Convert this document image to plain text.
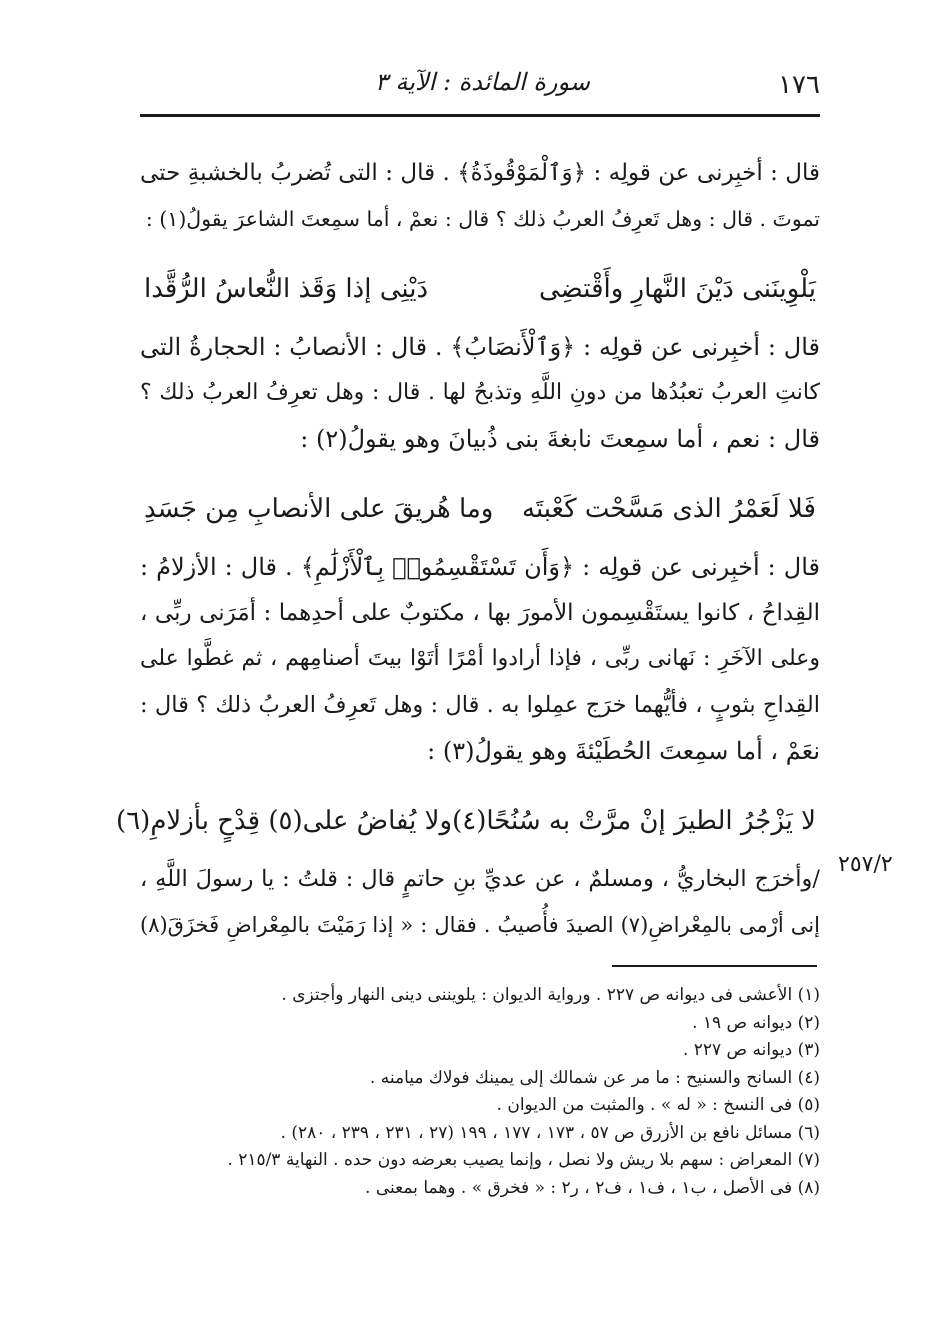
١٧٦
سورة المائدة : الآية ٣
قال : أخبِرنى عن قولِه : ﴿وَٱلْمَوْقُوذَةُ﴾ . قال : التى تُضربُ بالخشبةِ حتى
تموتَ . قال : وهل تَعرِفُ العربُ ذلك ؟ قال : نعمْ ، أما سمِعتَ الشاعرَ يقولُ(١) :
يَلْوِينَنى دَيْنَ النَّهارِ وأَقْتضِى
دَيْنِى إذا وَقَذ النُّعاسُ الرُّقَّدا
قال : أخبِرنى عن قولِه : ﴿وَٱلْأَنصَابُ﴾ . قال : الأنصابُ : الحجارةُ التى
كانتِ العربُ تعبُدُها من دونِ اللَّهِ وتذبحُ لها . قال : وهل تعرِفُ العربُ ذلك ؟
قال : نعم ، أما سمِعتَ نابغةَ بنى ذُبيانَ وهو يقولُ(٢) :
فَلا لَعَمْرُ الذى مَسَّحْت كَعْبتَه
وما هُريقَ على الأنصابِ مِن جَسَدِ
قال : أخبِرنى عن قولِه : ﴿وَأَن تَسْتَقْسِمُوا۟ بِٱلْأَزْلَٰمِ﴾ . قال : الأزلامُ :
القِداحُ ، كانوا يستَقْسِمون الأمورَ بها ، مكتوبٌ على أحدِهما : أمَرَنى ربِّى ،
وعلى الآخَرِ : نَهانى ربِّى ، فإذا أرادوا أمْرًا أتَوْا بيتَ أصنامِهم ، ثم غطَّوا على
القِداحِ بثوبٍ ، فأيُّهما خرَج عمِلوا به . قال : وهل تَعرِفُ العربُ ذلك ؟ قال :
نعَمْ ، أما سمِعتَ الحُطَيْئةَ وهو يقولُ(٣) :
لا يَزْجُرُ الطيرَ إنْ مرَّتْ به سُنُحًا(٤)
ولا يُفاضُ على(٥) قِدْحٍ بأزلامِ(٦)
/وأخرَج البخاريُّ ، ومسلمٌ ، عن عديِّ بنِ حاتمٍ قال : قلتُ : يا رسولَ اللَّهِ ،
إنى أرْمى بالمِعْراضِ(٧) الصيدَ فأُصيبُ . فقال : « إذا رَمَيْتَ بالمِعْراضِ فَخزَقَ(٨)
٢٥٧/٢
(١) الأعشى فى ديوانه ص ٢٢٧ . ورواية الديوان : يلويننى دينى النهار وأجتزى .
(٢) ديوانه ص ١٩ .
(٣) ديوانه ص ٢٢٧ .
(٤) السانح والسنيح : ما مر عن شمالك إلى يمينك فولاك ميامنه .
(٥) فى النسخ : « له » . والمثبت من الديوان .
(٦) مسائل نافع بن الأزرق ص ٥٧ ، ١٧٣ ، ١٧٧ ، ١٩٩ (٢٧ ، ٢٣١ ، ٢٣٩ ، ٢٨٠) .
(٧) المعراض : سهم بلا ريش ولا نصل ، وإنما يصيب بعرضه دون حده . النهاية ٢١٥/٣ .
(٨) فى الأصل ، ب١ ، ف١ ، ف٢ ، ر٢ : « فخرق » . وهما بمعنى .
